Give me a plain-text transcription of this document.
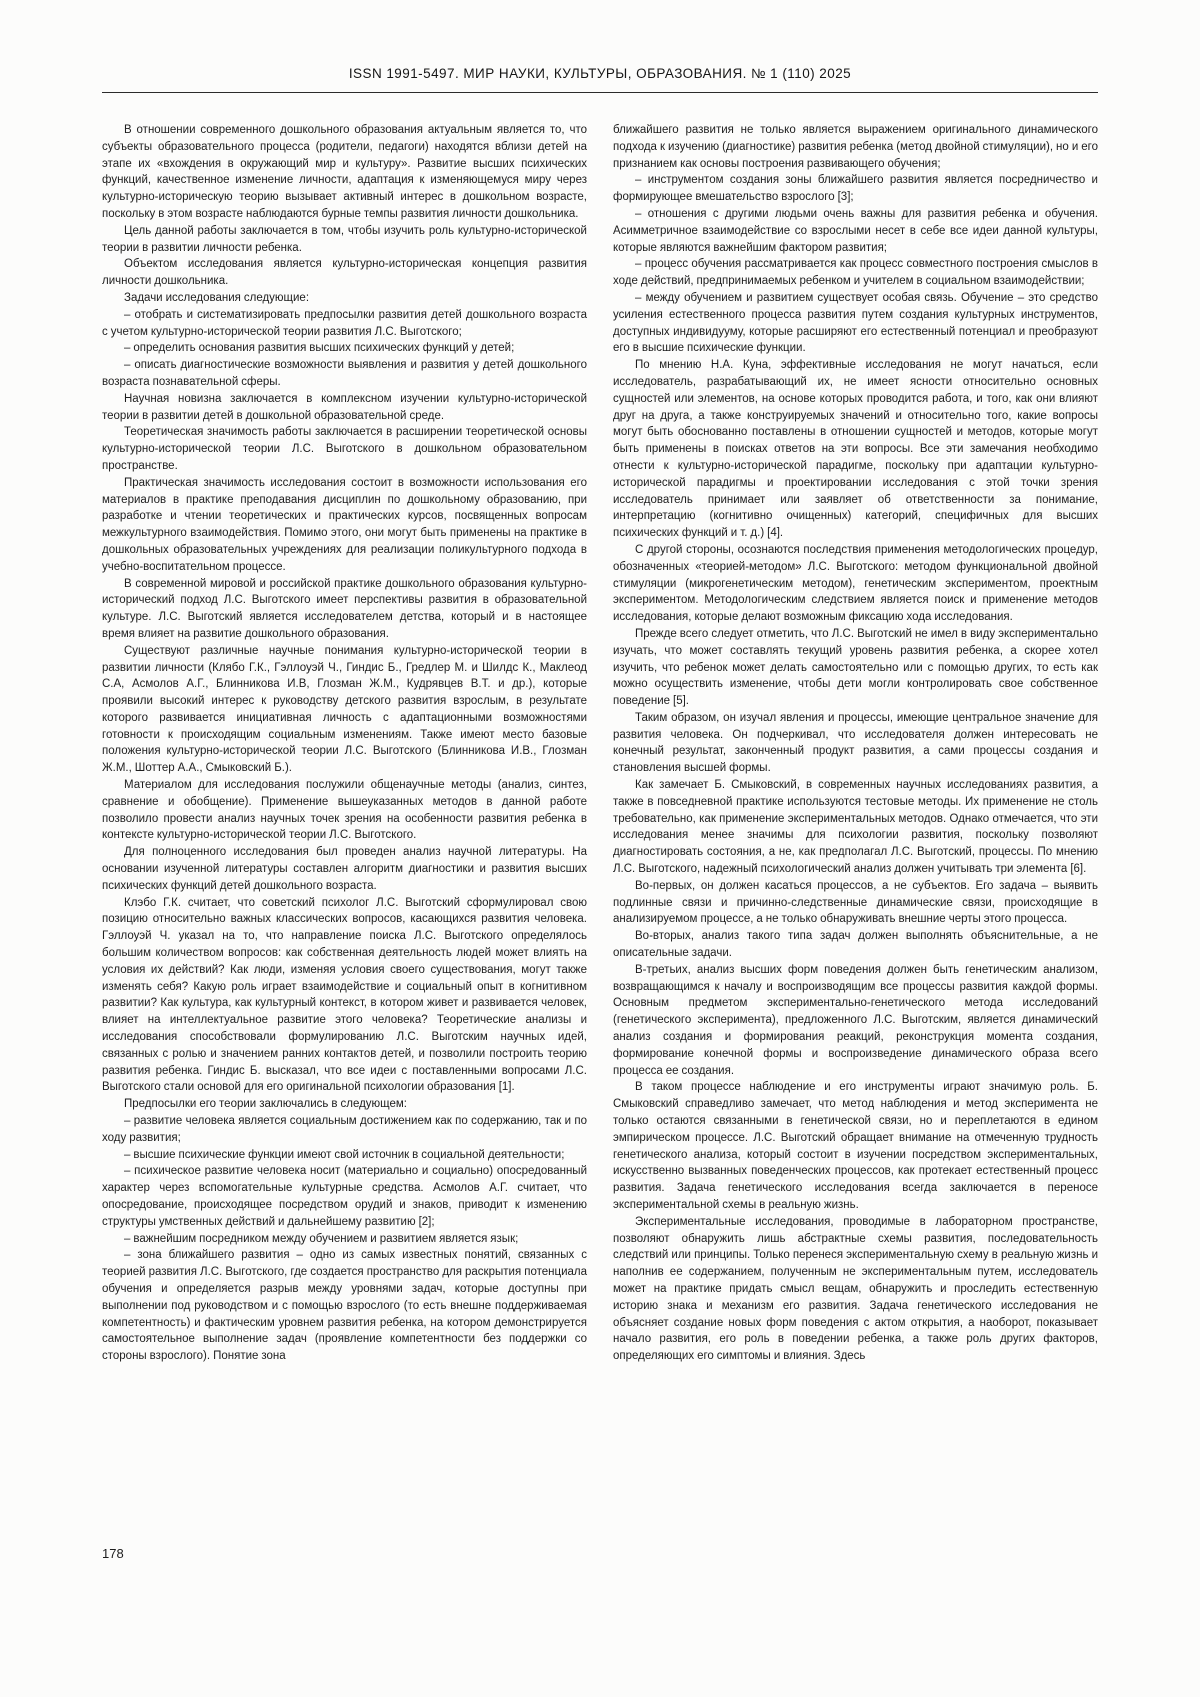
ISSN 1991-5497. МИР НАУКИ, КУЛЬТУРЫ, ОБРАЗОВАНИЯ. № 1 (110) 2025

В отношении современного дошкольного образования актуальным является то, что субъекты образовательного процесса (родители, педагоги) находятся вблизи детей на этапе их «вхождения в окружающий мир и культуру». Развитие высших психических функций, качественное изменение личности, адаптация к изменяющемуся миру через культурно-историческую теорию вызывает активный интерес в дошкольном возрасте, поскольку в этом возрасте наблюдаются бурные темпы развития личности дошкольника.

Цель данной работы заключается в том, чтобы изучить роль культурно-исторической теории в развитии личности ребенка.

Объектом исследования является культурно-историческая концепция развития личности дошкольника.

Задачи исследования следующие:

– отобрать и систематизировать предпосылки развития детей дошкольного возраста с учетом культурно-исторической теории развития Л.С. Выготского;

– определить основания развития высших психических функций у детей;

– описать диагностические возможности выявления и развития у детей дошкольного возраста познавательной сферы.

Научная новизна заключается в комплексном изучении культурно-исторической теории в развитии детей в дошкольной образовательной среде.

Теоретическая значимость работы заключается в расширении теоретической основы культурно-исторической теории Л.С. Выготского в дошкольном образовательном пространстве.

Практическая значимость исследования состоит в возможности использования его материалов в практике преподавания дисциплин по дошкольному образованию, при разработке и чтении теоретических и практических курсов, посвященных вопросам межкультурного взаимодействия. Помимо этого, они могут быть применены на практике в дошкольных образовательных учреждениях для реализации поликультурного подхода в учебно-воспитательном процессе.

В современной мировой и российской практике дошкольного образования культурно-исторический подход Л.С. Выготского имеет перспективы развития в образовательной культуре. Л.С. Выготский является исследователем детства, который и в настоящее время влияет на развитие дошкольного образования.

Существуют различные научные понимания культурно-исторической теории в развитии личности (Клябо Г.К., Гэллоуэй Ч., Гиндис Б., Гредлер М. и Шилдс К., Маклеод С.А, Асмолов А.Г., Блинникова И.В, Глозман Ж.М., Кудрявцев В.Т. и др.), которые проявили высокий интерес к руководству детского развития взрослым, в результате которого развивается инициативная личность с адаптационными возможностями готовности к происходящим социальным изменениям. Также имеют место базовые положения культурно-исторической теории Л.С. Выготского (Блинникова И.В., Глозман Ж.М., Шоттер А.А., Смыковский Б.).

Материалом для исследования послужили общенаучные методы (анализ, синтез, сравнение и обобщение). Применение вышеуказанных методов в данной работе позволило провести анализ научных точек зрения на особенности развития ребенка в контексте культурно-исторической теории Л.С. Выготского.

Для полноценного исследования был проведен анализ научной литературы. На основании изученной литературы составлен алгоритм диагностики и развития высших психических функций детей дошкольного возраста.

Клэбо Г.К. считает, что советский психолог Л.С. Выготский сформулировал свою позицию относительно важных классических вопросов, касающихся развития человека. Гэллоуэй Ч. указал на то, что направление поиска Л.С. Выготского определялось большим количеством вопросов: как собственная деятельность людей может влиять на условия их действий? Как люди, изменяя условия своего существования, могут также изменять себя? Какую роль играет взаимодействие и социальный опыт в когнитивном развитии? Как культура, как культурный контекст, в котором живет и развивается человек, влияет на интеллектуальное развитие этого человека? Теоретические анализы и исследования способствовали формулированию Л.С. Выготским научных идей, связанных с ролью и значением ранних контактов детей, и позволили построить теорию развития ребенка. Гиндис Б. высказал, что все идеи с поставленными вопросами Л.С. Выготского стали основой для его оригинальной психологии образования [1].

Предпосылки его теории заключались в следующем:

– развитие человека является социальным достижением как по содержанию, так и по ходу развития;

– высшие психические функции имеют свой источник в социальной деятельности;

– психическое развитие человека носит (материально и социально) опосредованный характер через вспомогательные культурные средства. Асмолов А.Г. считает, что опосредование, происходящее посредством орудий и знаков, приводит к изменению структуры умственных действий и дальнейшему развитию [2];

– важнейшим посредником между обучением и развитием является язык;

– зона ближайшего развития – одно из самых известных понятий, связанных с теорией развития Л.С. Выготского, где создается пространство для раскрытия потенциала обучения и определяется разрыв между уровнями задач, которые доступны при выполнении под руководством и с помощью взрослого (то есть внешне поддерживаемая компетентность) и фактическим уровнем развития ребенка, на котором демонстрируется самостоятельное выполнение задач (проявление компетентности без поддержки со стороны взрослого). Понятие зона

ближайшего развития не только является выражением оригинального динамического подхода к изучению (диагностике) развития ребенка (метод двойной стимуляции), но и его признанием как основы построения развивающего обучения;

– инструментом создания зоны ближайшего развития является посредничество и формирующее вмешательство взрослого [3];

– отношения с другими людьми очень важны для развития ребенка и обучения. Асимметричное взаимодействие со взрослыми несет в себе все идеи данной культуры, которые являются важнейшим фактором развития;

– процесс обучения рассматривается как процесс совместного построения смыслов в ходе действий, предпринимаемых ребенком и учителем в социальном взаимодействии;

– между обучением и развитием существует особая связь. Обучение – это средство усиления естественного процесса развития путем создания культурных инструментов, доступных индивидууму, которые расширяют его естественный потенциал и преобразуют его в высшие психические функции.

По мнению Н.А. Куна, эффективные исследования не могут начаться, если исследователь, разрабатывающий их, не имеет ясности относительно основных сущностей или элементов, на основе которых проводится работа, и того, как они влияют друг на друга, а также конструируемых значений и относительно того, какие вопросы могут быть обоснованно поставлены в отношении сущностей и методов, которые могут быть применены в поисках ответов на эти вопросы. Все эти замечания необходимо отнести к культурно-исторической парадигме, поскольку при адаптации культурно-исторической парадигмы и проектировании исследования с этой точки зрения исследователь принимает или заявляет об ответственности за понимание, интерпретацию (когнитивно очищенных) категорий, специфичных для высших психических функций и т. д.) [4].

С другой стороны, осознаются последствия применения методологических процедур, обозначенных «теорией-методом» Л.С. Выготского: методом функциональной двойной стимуляции (микрогенетическим методом), генетическим экспериментом, проектным экспериментом. Методологическим следствием является поиск и применение методов исследования, которые делают возможным фиксацию хода исследования.

Прежде всего следует отметить, что Л.С. Выготский не имел в виду экспериментально изучать, что может составлять текущий уровень развития ребенка, а скорее хотел изучить, что ребенок может делать самостоятельно или с помощью других, то есть как можно осуществить изменение, чтобы дети могли контролировать свое собственное поведение [5].

Таким образом, он изучал явления и процессы, имеющие центральное значение для развития человека. Он подчеркивал, что исследователя должен интересовать не конечный результат, законченный продукт развития, а сами процессы создания и становления высшей формы.

Как замечает Б. Смыковский, в современных научных исследованиях развития, а также в повседневной практике используются тестовые методы. Их применение не столь требовательно, как применение экспериментальных методов. Однако отмечается, что эти исследования менее значимы для психологии развития, поскольку позволяют диагностировать состояния, а не, как предполагал Л.С. Выготский, процессы. По мнению Л.С. Выготского, надежный психологический анализ должен учитывать три элемента [6].

Во-первых, он должен касаться процессов, а не субъектов. Его задача – выявить подлинные связи и причинно-следственные динамические связи, происходящие в анализируемом процессе, а не только обнаруживать внешние черты этого процесса.

Во-вторых, анализ такого типа задач должен выполнять объяснительные, а не описательные задачи.

В-третьих, анализ высших форм поведения должен быть генетическим анализом, возвращающимся к началу и воспроизводящим все процессы развития каждой формы. Основным предметом экспериментально-генетического метода исследований (генетического эксперимента), предложенного Л.С. Выготским, является динамический анализ создания и формирования реакций, реконструкция момента создания, формирование конечной формы и воспроизведение динамического образа всего процесса ее создания.

В таком процессе наблюдение и его инструменты играют значимую роль. Б. Смыковский справедливо замечает, что метод наблюдения и метод эксперимента не только остаются связанными в генетической связи, но и переплетаются в едином эмпирическом процессе. Л.С. Выготский обращает внимание на отмеченную трудность генетического анализа, который состоит в изучении посредством экспериментальных, искусственно вызванных поведенческих процессов, как протекает естественный процесс развития. Задача генетического исследования всегда заключается в переносе экспериментальной схемы в реальную жизнь.

Экспериментальные исследования, проводимые в лабораторном пространстве, позволяют обнаружить лишь абстрактные схемы развития, последовательность следствий или принципы. Только перенеся экспериментальную схему в реальную жизнь и наполнив ее содержанием, полученным не экспериментальным путем, исследователь может на практике придать смысл вещам, обнаружить и проследить естественную историю знака и механизм его развития. Задача генетического исследования не объясняет создание новых форм поведения с актом открытия, а наоборот, показывает начало развития, его роль в поведении ребенка, а также роль других факторов, определяющих его симптомы и влияния. Здесь

178
